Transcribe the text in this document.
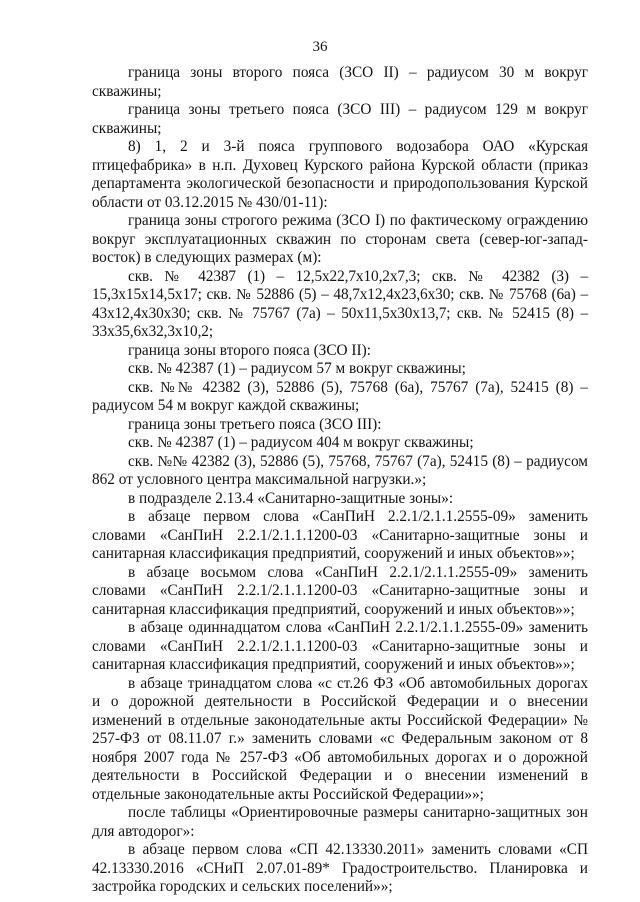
36

граница зоны второго пояса (ЗСО II) – радиусом 30 м вокруг скважины;

граница зоны третьего пояса (ЗСО III) – радиусом 129 м вокруг скважины;

8) 1, 2 и 3-й пояса группового водозабора ОАО «Курская птицефабрика» в н.п. Духовец Курского района Курской области (приказ департамента экологической безопасности и природопользования Курской области от 03.12.2015 № 430/01-11):

граница зоны строгого режима (ЗСО I) по фактическому ограждению вокруг эксплуатационных скважин по сторонам света (север-юг-запад-восток) в следующих размерах (м):

скв. № 42387 (1) – 12,5x22,7x10,2x7,3; скв. № 42382 (3) – 15,3x15x14,5x17; скв. № 52886 (5) – 48,7x12,4x23,6x30; скв. № 75768 (6а) – 43x12,4x30x30; скв. № 75767 (7а) – 50x11,5x30x13,7; скв. № 52415 (8) – 33x35,6x32,3x10,2;

граница зоны второго пояса (ЗСО II):

скв. № 42387 (1) – радиусом 57 м вокруг скважины;

скв. №№ 42382 (3), 52886 (5), 75768 (6а), 75767 (7а), 52415 (8) – радиусом 54 м вокруг каждой скважины;

граница зоны третьего пояса (ЗСО III):

скв. № 42387 (1) – радиусом 404 м вокруг скважины;

скв. №№ 42382 (3), 52886 (5), 75768, 75767 (7а), 52415 (8) – радиусом 862 от условного центра максимальной нагрузки.»;

в подразделе 2.13.4 «Санитарно-защитные зоны»:

в абзаце первом слова «СанПиН 2.2.1/2.1.1.2555-09» заменить словами «СанПиН 2.2.1/2.1.1.1200-03 «Санитарно-защитные зоны и санитарная классификация предприятий, сооружений и иных объектов»»;

в абзаце восьмом слова «СанПиН 2.2.1/2.1.1.2555-09» заменить словами «СанПиН 2.2.1/2.1.1.1200-03 «Санитарно-защитные зоны и санитарная классификация предприятий, сооружений и иных объектов»»;

в абзаце одиннадцатом слова «СанПиН 2.2.1/2.1.1.2555-09» заменить словами «СанПиН 2.2.1/2.1.1.1200-03 «Санитарно-защитные зоны и санитарная классификация предприятий, сооружений и иных объектов»»;

в абзаце тринадцатом слова «с ст.26 ФЗ «Об автомобильных дорогах и о дорожной деятельности в Российской Федерации и о внесении изменений в отдельные законодательные акты Российской Федерации» № 257-ФЗ от 08.11.07 г.» заменить словами «с Федеральным законом от 8 ноября 2007 года № 257-ФЗ «Об автомобильных дорогах и о дорожной деятельности в Российской Федерации и о внесении изменений в отдельные законодательные акты Российской Федерации»»;

после таблицы «Ориентировочные размеры санитарно-защитных зон для автодорог»:

в абзаце первом слова «СП 42.13330.2011» заменить словами «СП 42.13330.2016 «СНиП 2.07.01-89* Градостроительство. Планировка и застройка городских и сельских поселений»»;
